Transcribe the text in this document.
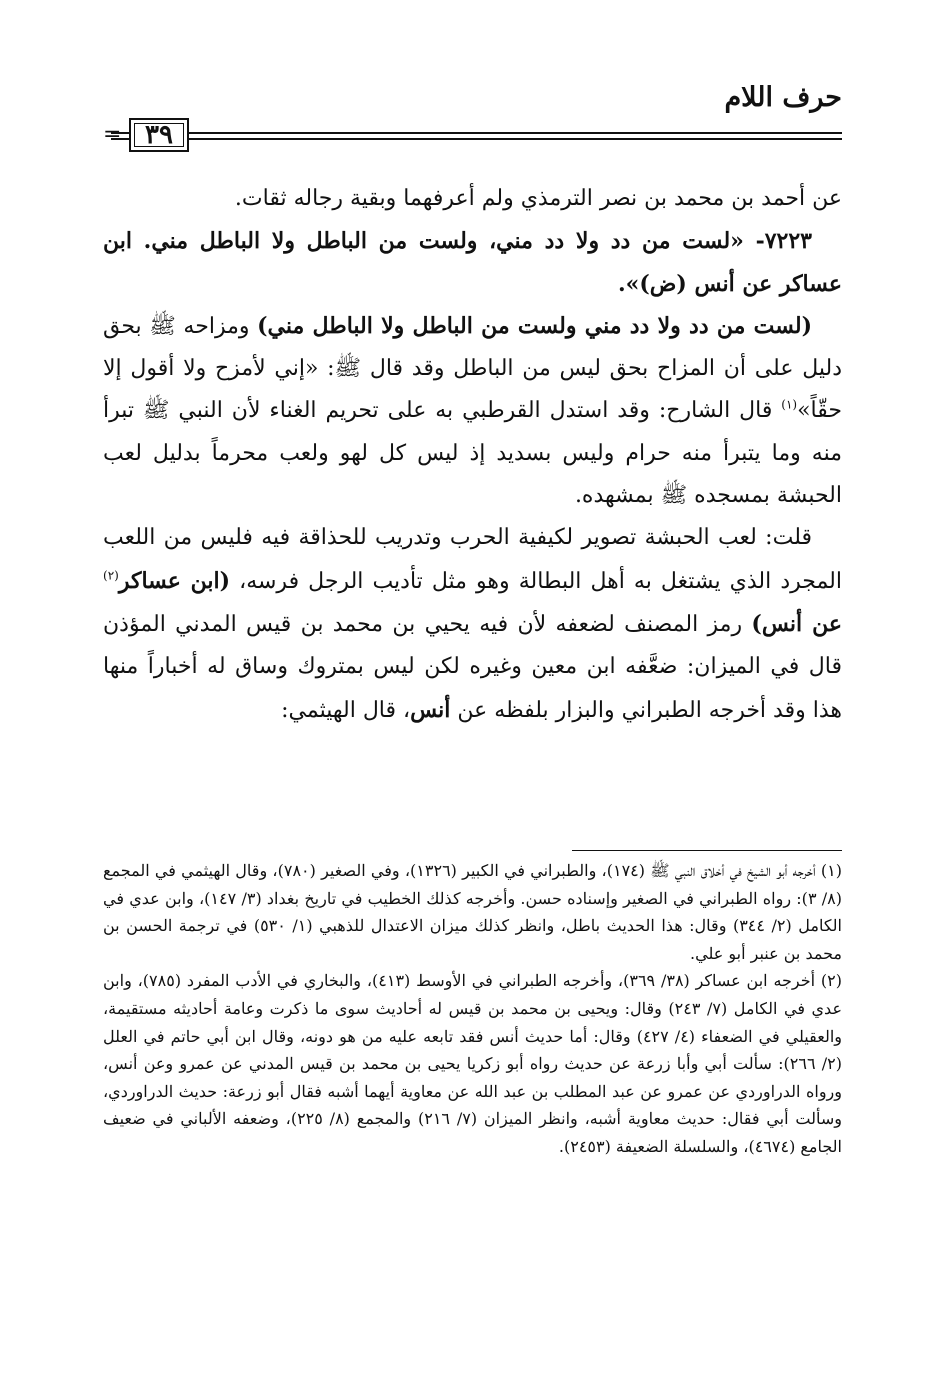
حرف اللام
= ٣٩

عن أحمد بن محمد بن نصر الترمذي ولم أعرفهما وبقية رجاله ثقات.

٧٢٢٣- «لست من دد ولا دد مني، ولست من الباطل ولا الباطل مني. ابن عساكر عن أنس (ض)».

(لست من دد ولا دد مني ولست من الباطل ولا الباطل مني) ومزاحه ﷺ بحق دليل على أن المزاح بحق ليس من الباطل وقد قال ﷺ: «إني لأمزح ولا أقول إلا حقّاً»$^{(١)}$ قال الشارح: وقد استدل القرطبي به على تحريم الغناء لأن النبي ﷺ تبرأ منه وما يتبرأ منه حرام وليس بسديد إذ ليس كل لهو ولعب محرماً بدليل لعب الحبشة بمسجده ﷺ بمشهده.

قلت: لعب الحبشة تصوير لكيفية الحرب وتدريب للحذاقة فيه فليس من اللعب المجرد الذي يشتغل به أهل البطالة وهو مثل تأديب الرجل فرسه، (ابن عساكر$^{(٢)}$ عن أنس) رمز المصنف لضعفه لأن فيه يحيي بن محمد بن قيس المدني المؤذن قال في الميزان: ضعَّفه ابن معين وغيره لكن ليس بمتروك وساق له أخباراً منها هذا وقد أخرجه الطبراني والبزار بلفظه عن أنس، قال الهيثمي:

(١) أخرجه أبو الشيخ في أخلاق النبي ﷺ (١٧٤)، والطبراني في الكبير (١٣٢٦)، وفي الصغير (٧٨٠)، وقال الهيثمي في المجمع (٨/ ٣): رواه الطبراني في الصغير وإسناده حسن. وأخرجه كذلك الخطيب في تاريخ بغداد (٣/ ١٤٧)، وابن عدي في الكامل (٢/ ٣٤٤) وقال: هذا الحديث باطل، وانظر كذلك ميزان الاعتدال للذهبي (١/ ٥٣٠) في ترجمة الحسن بن محمد بن عنبر أبو علي.

(٢) أخرجه ابن عساكر (٣٨/ ٣٦٩)، وأخرجه الطبراني في الأوسط (٤١٣)، والبخاري في الأدب المفرد (٧٨٥)، وابن عدي في الكامل (٧/ ٢٤٣) وقال: ويحيى بن محمد بن قيس له أحاديث سوى ما ذكرت وعامة أحاديثه مستقيمة، والعقيلي في الضعفاء (٤/ ٤٢٧) وقال: أما حديث أنس فقد تابعه عليه من هو دونه، وقال ابن أبي حاتم في العلل (٢/ ٢٦٦): سألت أبي وأبا زرعة عن حديث رواه أبو زكريا يحيى بن محمد بن قيس المدني عن عمرو وعن أنس، ورواه الدراوردي عن عمرو عن عبد المطلب بن عبد الله عن معاوية أيهما أشبه فقال أبو زرعة: حديث الدراوردي، وسألت أبي فقال: حديث معاوية أشبه، وانظر الميزان (٧/ ٢١٦) والمجمع (٨/ ٢٢٥)، وضعفه الألباني في ضعيف الجامع (٤٦٧٤)، والسلسلة الضعيفة (٢٤٥٣).
